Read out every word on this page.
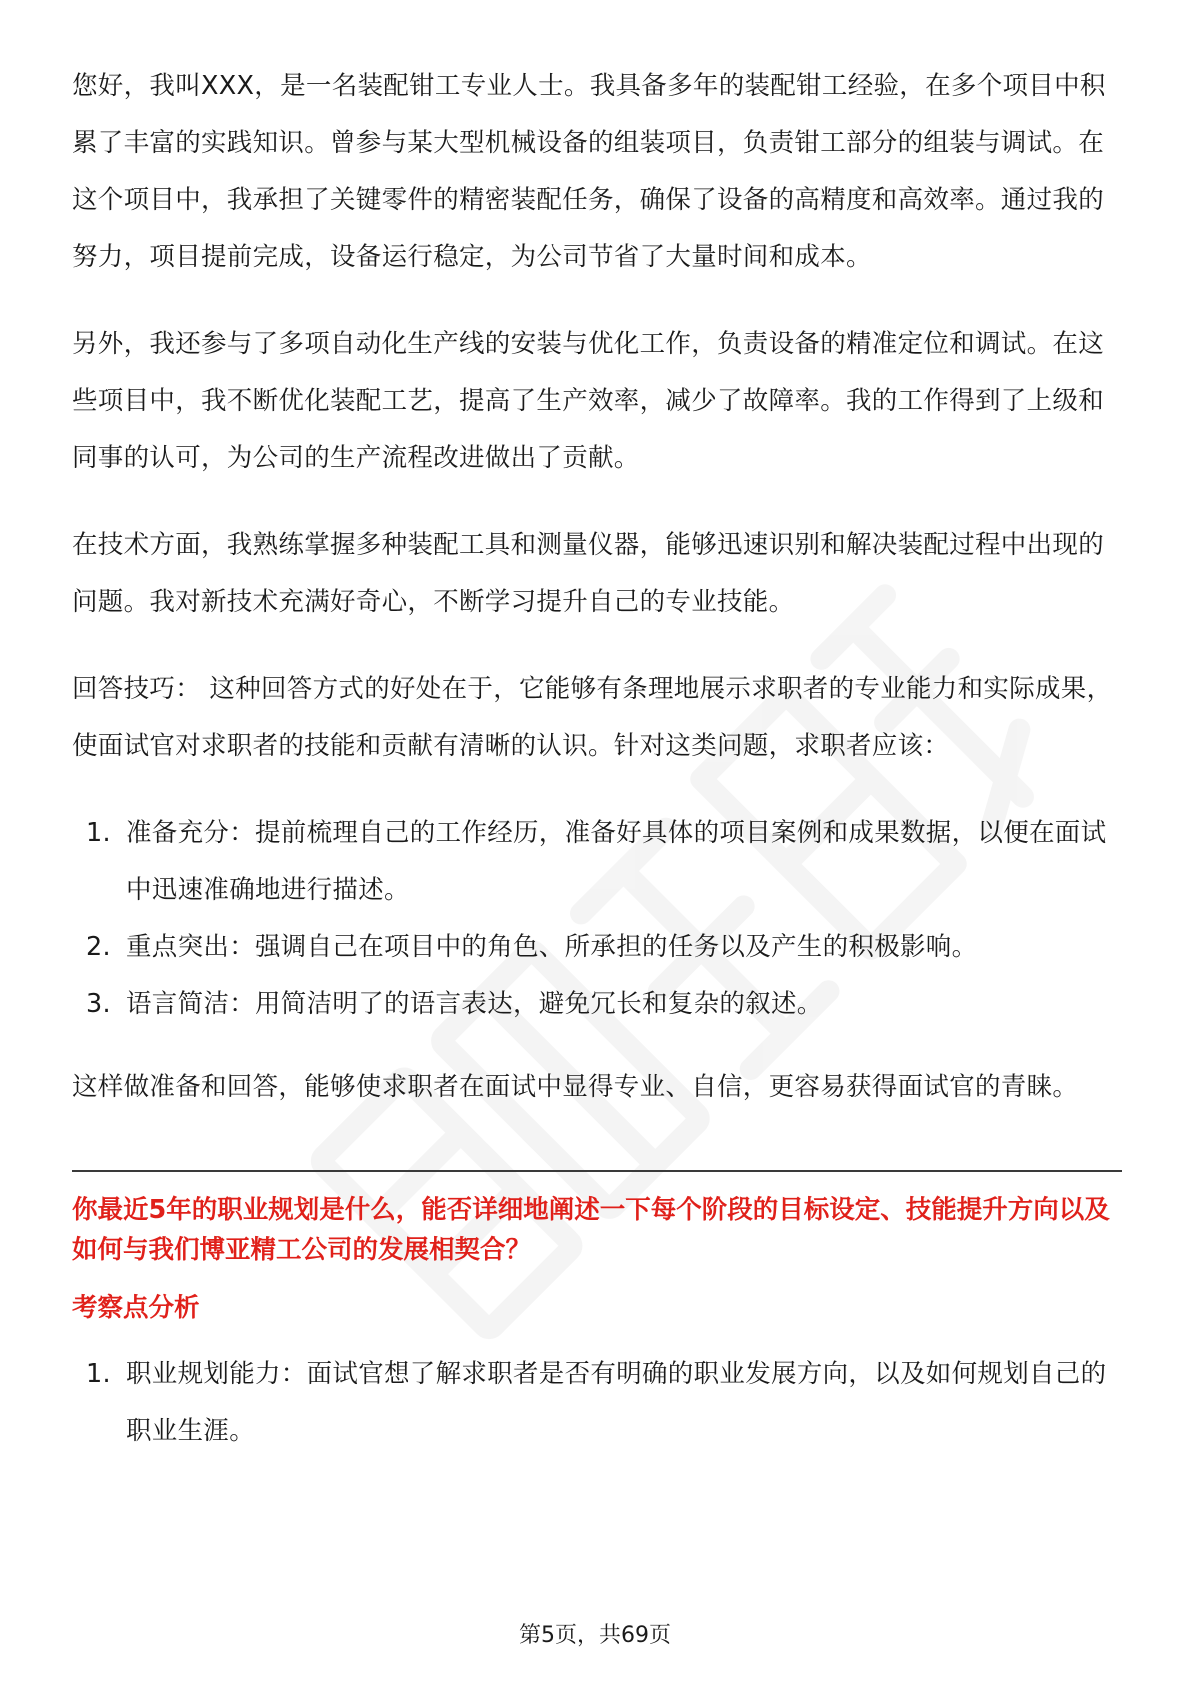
您好，我叫XXX，是一名装配钳工专业人士。我具备多年的装配钳工经验，在多个项目中积累了丰富的实践知识。曾参与某大型机械设备的组装项目，负责钳工部分的组装与调试。在这个项目中，我承担了关键零件的精密装配任务，确保了设备的高精度和高效率。通过我的努力，项目提前完成，设备运行稳定，为公司节省了大量时间和成本。

另外，我还参与了多项自动化生产线的安装与优化工作，负责设备的精准定位和调试。在这些项目中，我不断优化装配工艺，提高了生产效率，减少了故障率。我的工作得到了上级和同事的认可，为公司的生产流程改进做出了贡献。

在技术方面，我熟练掌握多种装配工具和测量仪器，能够迅速识别和解决装配过程中出现的问题。我对新技术充满好奇心，不断学习提升自己的专业技能。

回答技巧： 这种回答方式的好处在于，它能够有条理地展示求职者的专业能力和实际成果，使面试官对求职者的技能和贡献有清晰的认识。针对这类问题，求职者应该：

1. 准备充分：提前梳理自己的工作经历，准备好具体的项目案例和成果数据，以便在面试中迅速准确地进行描述。
2. 重点突出：强调自己在项目中的角色、所承担的任务以及产生的积极影响。
3. 语言简洁：用简洁明了的语言表达，避免冗长和复杂的叙述。

这样做准备和回答，能够使求职者在面试中显得专业、自信，更容易获得面试官的青睐。

你最近5年的职业规划是什么，能否详细地阐述一下每个阶段的目标设定、技能提升方向以及如何与我们博亚精工公司的发展相契合？
考察点分析
1. 职业规划能力：面试官想了解求职者是否有明确的职业发展方向，以及如何规划自己的职业生涯。
第5页，共69页
